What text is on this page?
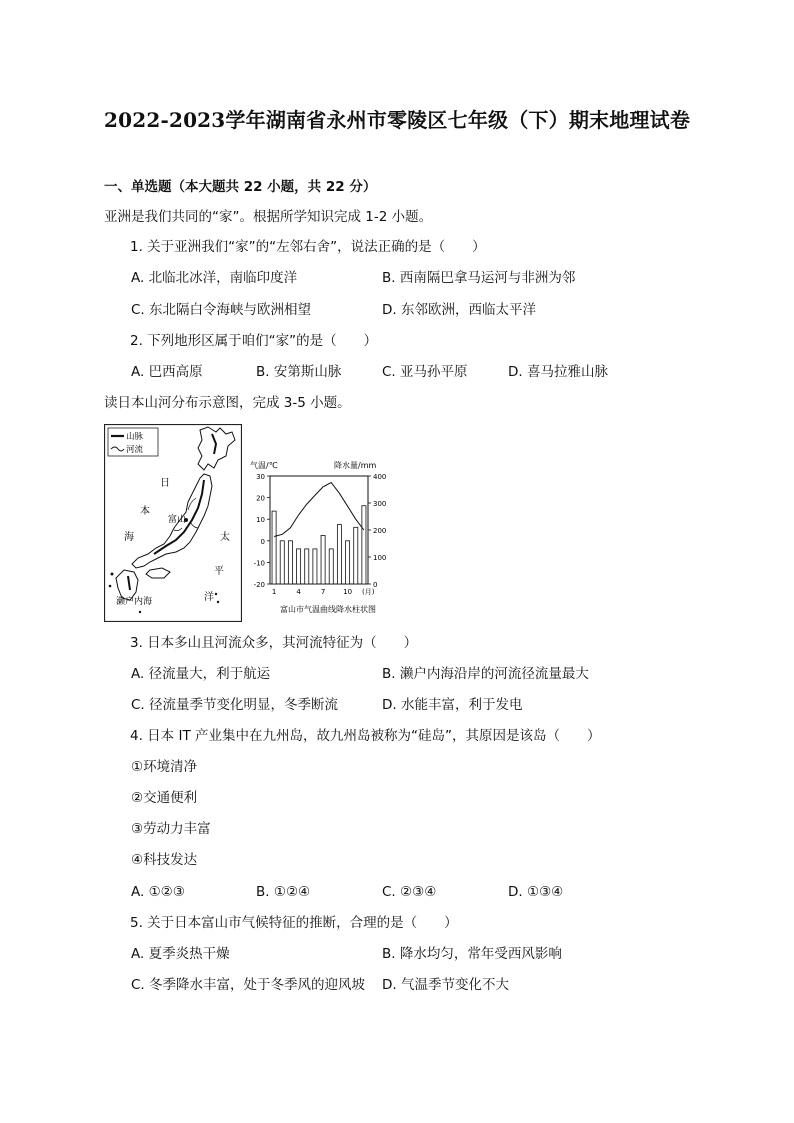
2022-2023学年湖南省永州市零陵区七年级（下）期末地理试卷
一、单选题（本大题共 22 小题，共 22 分）
亚洲是我们共同的“家”。根据所学知识完成 1-2 小题。
1. 关于亚洲我们“家”的“左邻右舍”，说法正确的是（　　）
A. 北临北冰洋，南临印度洋	B. 西南隔巴拿马运河与非洲为邻
C. 东北隔白令海峡与欧洲相望	D. 东邻欧洲，西临太平洋
2. 下列地形区属于咱们“家”的是（　　）
A. 巴西高原	B. 安第斯山脉	C. 亚马孙平原	D. 喜马拉雅山脉
读日本山河分布示意图，完成 3-5 小题。
山脉
河流
日
本
海
富山
太
平
洋
濑户内海
气温/℃	降水量/mm
30
20
10
0
-10
-20
400
300
200
100
0
1	4	7	10 (月)
富山市气温曲线降水柱状图
3. 日本多山且河流众多，其河流特征为（　　）
A. 径流量大，利于航运	B. 濑户内海沿岸的河流径流量最大
C. 径流量季节变化明显，冬季断流	D. 水能丰富，利于发电
4. 日本 IT 产业集中在九州岛，故九州岛被称为“硅岛”，其原因是该岛（　　）
①环境清净
②交通便利
③劳动力丰富
④科技发达
A. ①②③	B. ①②④	C. ②③④	D. ①③④
5. 关于日本富山市气候特征的推断，合理的是（　　）
A. 夏季炎热干燥	B. 降水均匀，常年受西风影响
C. 冬季降水丰富，处于冬季风的迎风坡 D. 气温季节变化不大
